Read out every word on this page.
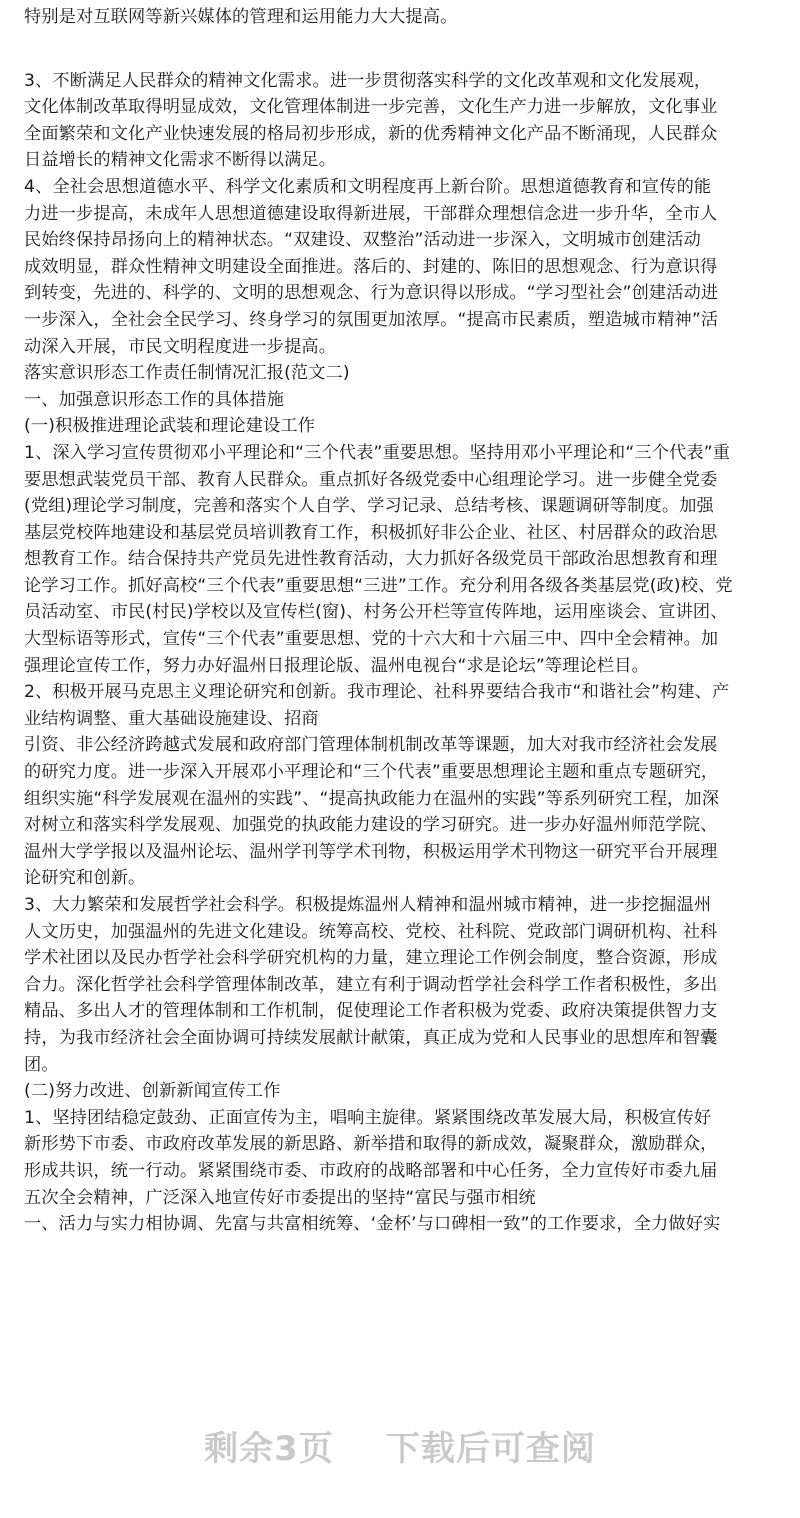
特别是对互联网等新兴媒体的管理和运用能力大大提高。
3、不断满足人民群众的精神文化需求。进一步贯彻落实科学的文化改革观和文化发展观，
文化体制改革取得明显成效，文化管理体制进一步完善，文化生产力进一步解放，文化事业
全面繁荣和文化产业快速发展的格局初步形成，新的优秀精神文化产品不断涌现，人民群众
日益增长的精神文化需求不断得以满足。
4、全社会思想道德水平、科学文化素质和文明程度再上新台阶。思想道德教育和宣传的能
力进一步提高，未成年人思想道德建设取得新进展，干部群众理想信念进一步升华，全市人
民始终保持昂扬向上的精神状态。“双建设、双整治”活动进一步深入，文明城市创建活动
成效明显，群众性精神文明建设全面推进。落后的、封建的、陈旧的思想观念、行为意识得
到转变，先进的、科学的、文明的思想观念、行为意识得以形成。“学习型社会”创建活动进
一步深入，全社会全民学习、终身学习的氛围更加浓厚。“提高市民素质，塑造城市精神”活
动深入开展，市民文明程度进一步提高。
落实意识形态工作责任制情况汇报(范文二)
一、加强意识形态工作的具体措施
(一)积极推进理论武装和理论建设工作
1、深入学习宣传贯彻邓小平理论和“三个代表”重要思想。坚持用邓小平理论和“三个代表”重
要思想武装党员干部、教育人民群众。重点抓好各级党委中心组理论学习。进一步健全党委
(党组)理论学习制度，完善和落实个人自学、学习记录、总结考核、课题调研等制度。加强
基层党校阵地建设和基层党员培训教育工作，积极抓好非公企业、社区、村居群众的政治思
想教育工作。结合保持共产党员先进性教育活动，大力抓好各级党员干部政治思想教育和理
论学习工作。抓好高校“三个代表”重要思想“三进”工作。充分利用各级各类基层党(政)校、党
员活动室、市民(村民)学校以及宣传栏(窗)、村务公开栏等宣传阵地，运用座谈会、宣讲团、
大型标语等形式，宣传“三个代表”重要思想、党的十六大和十六届三中、四中全会精神。加
强理论宣传工作，努力办好温州日报理论版、温州电视台“求是论坛”等理论栏目。
2、积极开展马克思主义理论研究和创新。我市理论、社科界要结合我市“和谐社会”构建、产
业结构调整、重大基础设施建设、招商
引资、非公经济跨越式发展和政府部门管理体制机制改革等课题，加大对我市经济社会发展
的研究力度。进一步深入开展邓小平理论和“三个代表”重要思想理论主题和重点专题研究，
组织实施“科学发展观在温州的实践”、“提高执政能力在温州的实践”等系列研究工程，加深
对树立和落实科学发展观、加强党的执政能力建设的学习研究。进一步办好温州师范学院、
温州大学学报以及温州论坛、温州学刊等学术刊物，积极运用学术刊物这一研究平台开展理
论研究和创新。
3、大力繁荣和发展哲学社会科学。积极提炼温州人精神和温州城市精神，进一步挖掘温州
人文历史，加强温州的先进文化建设。统筹高校、党校、社科院、党政部门调研机构、社科
学术社团以及民办哲学社会科学研究机构的力量，建立理论工作例会制度，整合资源，形成
合力。深化哲学社会科学管理体制改革，建立有利于调动哲学社会科学工作者积极性，多出
精品、多出人才的管理体制和工作机制，促使理论工作者积极为党委、政府决策提供智力支
持，为我市经济社会全面协调可持续发展献计献策，真正成为党和人民事业的思想库和智囊
团。
(二)努力改进、创新新闻宣传工作
1、坚持团结稳定鼓劲、正面宣传为主，唱响主旋律。紧紧围绕改革发展大局，积极宣传好
新形势下市委、市政府改革发展的新思路、新举措和取得的新成效，凝聚群众，激励群众，
形成共识，统一行动。紧紧围绕市委、市政府的战略部署和中心任务，全力宣传好市委九届
五次全会精神，广泛深入地宣传好市委提出的坚持“富民与强市相统
一、活力与实力相协调、先富与共富相统筹、‘金杯’与口碑相一致”的工作要求，全力做好实
剩余3页 下载后可查阅
